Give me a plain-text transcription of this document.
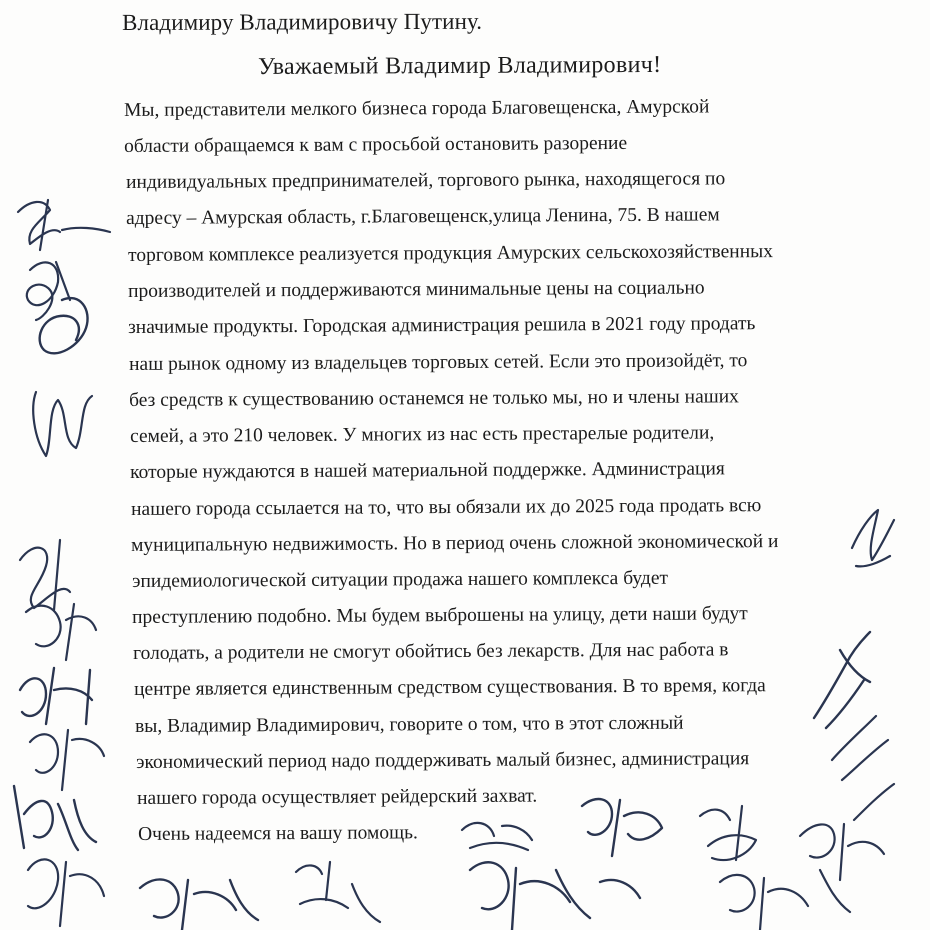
Владимиру Владимировичу Путину.
Уважаемый Владимир Владимирович!
Мы, представители мелкого бизнеса города Благовещенска, Амурской
области обращаемся к вам с просьбой остановить разорение
индивидуальных предпринимателей, торгового рынка, находящегося по
адресу – Амурская область, г.Благовещенск,улица Ленина, 75. В нашем
торговом комплексе реализуется продукция Амурских сельскохозяйственных
производителей и поддерживаются минимальные цены на социально
значимые продукты. Городская администрация решила в 2021 году продать
наш рынок одному из владельцев торговых сетей. Если это произойдёт, то
без средств к существованию останемся не только мы, но и члены наших
семей, а это 210 человек. У многих из нас есть престарелые родители,
которые нуждаются в нашей материальной поддержке. Администрация
нашего города ссылается на то, что вы обязали их до 2025 года продать всю
муниципальную недвижимость. Но в период очень сложной экономической и
эпидемиологической ситуации продажа нашего комплекса будет
преступлению подобно. Мы будем выброшены на улицу, дети наши будут
голодать, а родители не смогут обойтись без лекарств. Для нас работа в
центре является единственным средством существования. В то время, когда
вы, Владимир Владимирович, говорите о том, что в этот сложный
экономический период надо поддерживать малый бизнес, администрация
нашего города осуществляет рейдерский захват.
Очень надеемся на вашу помощь.
